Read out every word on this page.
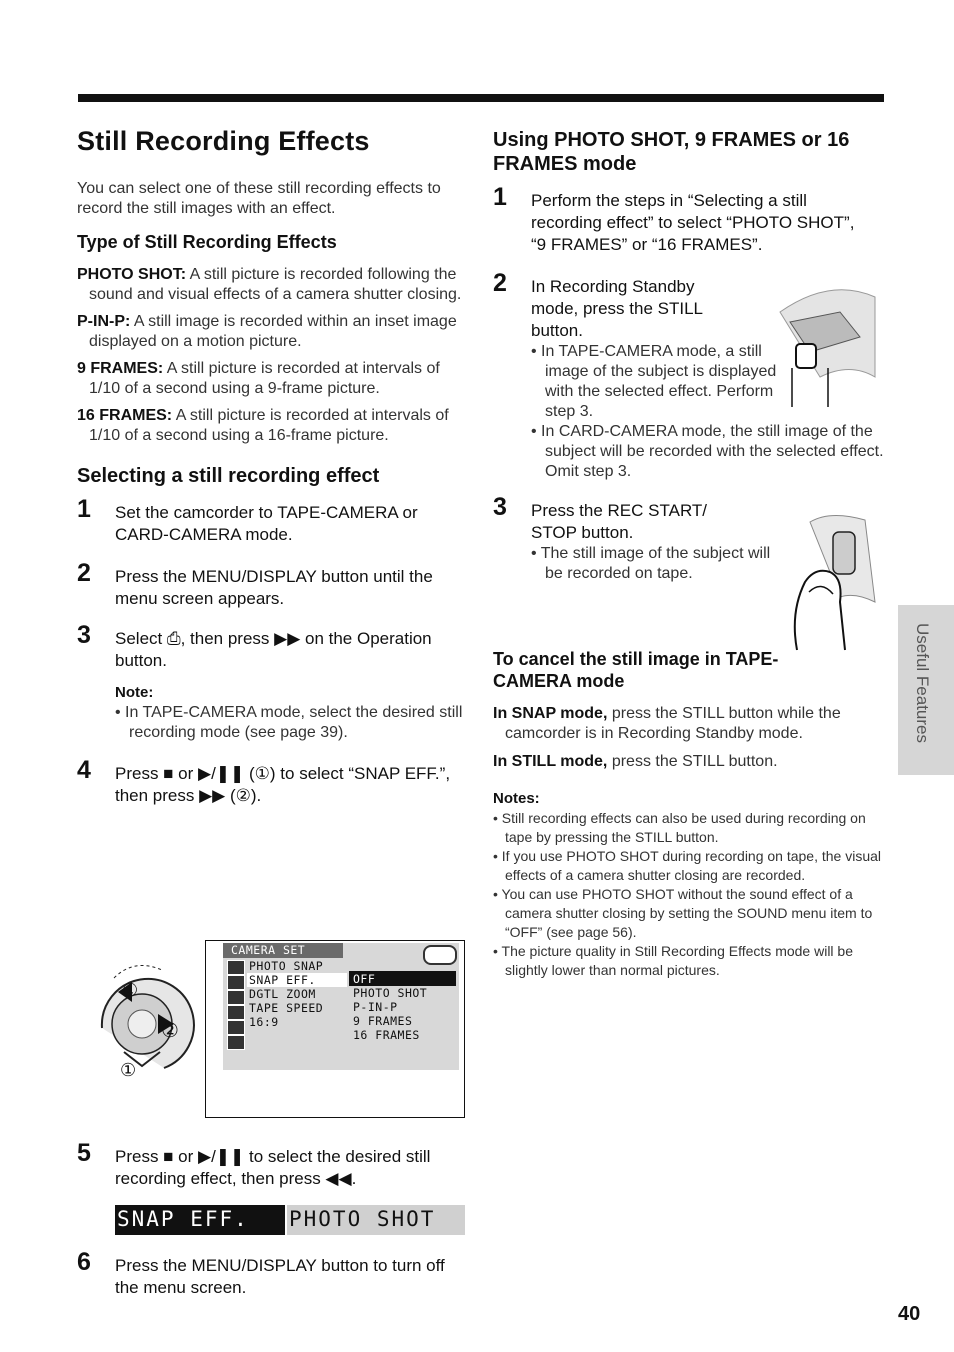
Still Recording Effects

You can select one of these still recording effects to record the still images with an effect.

Type of Still Recording Effects

PHOTO SHOT: A still picture is recorded following the sound and visual effects of a camera shutter closing.

P-IN-P: A still image is recorded within an inset image displayed on a motion picture.

9 FRAMES: A still picture is recorded at intervals of 1/10 of a second using a 9-frame picture.

16 FRAMES: A still picture is recorded at intervals of 1/10 of a second using a 16-frame picture.

Selecting a still recording effect
1 Set the camcorder to TAPE-CAMERA or CARD-CAMERA mode.

2 Press the MENU/DISPLAY button until the menu screen appears.

3 Select ⎙, then press ▶▶ on the Operation button.

Note:

• In TAPE-CAMERA mode, select the desired still recording mode (see page 39).

4 Press ■ or ▶/❚❚ (①) to select “SNAP EFF.”, then press ▶▶ (②).

①
②
①
CAMERA SET
PHOTO SNAP
SNAP EFF.
DGTL ZOOM
TAPE SPEED
16:9
OFF
PHOTO SHOT
P-IN-P
9 FRAMES
16 FRAMES
5 Press ■ or ▶/❚❚ to select the desired still recording effect, then press ◀◀.

SNAP EFF. PHOTO SHOT
6 Press the MENU/DISPLAY button to turn off the menu screen.

Using PHOTO SHOT, 9 FRAMES or 16 FRAMES mode
1 Perform the steps in “Selecting a still recording effect” to select “PHOTO SHOT”, “9 FRAMES” or “16 FRAMES”.

2 In Recording Standby mode, press the STILL button.

• In TAPE-CAMERA mode, a still image of the subject is displayed with the selected effect. Perform step 3.

• In CARD-CAMERA mode, the still image of the subject will be recorded with the selected effect. Omit step 3.

3 Press the REC START/ STOP button.

• The still image of the subject will be recorded on tape.

To cancel the still image in TAPE-CAMERA mode

In SNAP mode, press the STILL button while the camcorder is in Recording Standby mode.

In STILL mode, press the STILL button.

Notes:

• Still recording effects can also be used during recording on tape by pressing the STILL button.

• If you use PHOTO SHOT during recording on tape, the visual effects of a camera shutter closing are recorded.

• You can use PHOTO SHOT without the sound effect of a camera shutter closing by setting the SOUND menu item to “OFF” (see page 56).

• The picture quality in Still Recording Effects mode will be slightly lower than normal pictures.

Useful Features
40
